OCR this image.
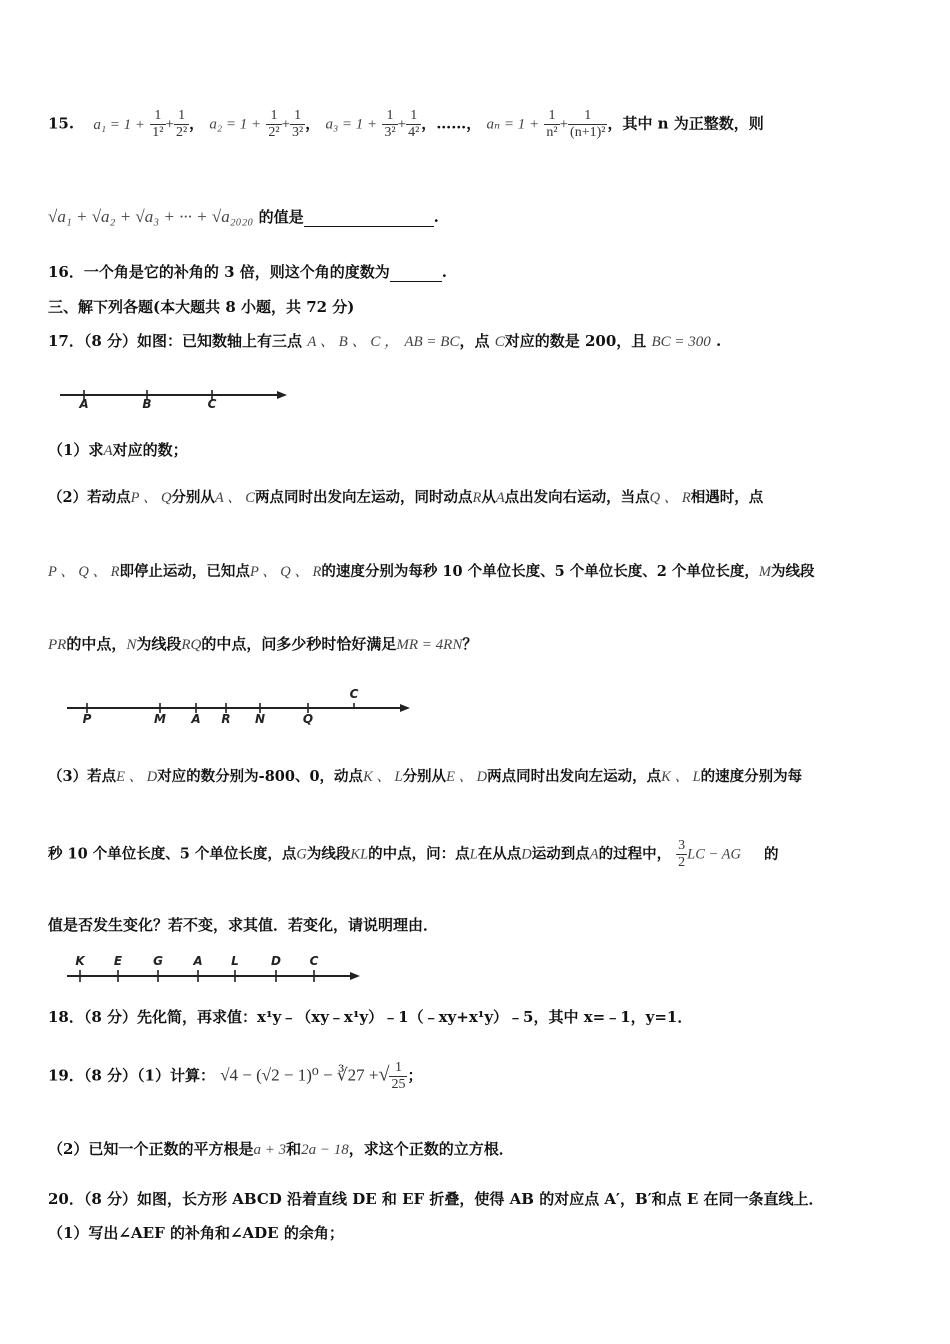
15. $a_1 = 1 + \frac{1}{\text{1²}} + \frac{1}{\text{2²}}$ ， $a_2 = 1 + \frac{1}{\text{2²}} + \frac{1}{\text{3²}}$ ， $a_3 = 1 + \frac{1}{\text{3²}} + \frac{1}{\text{4²}}$ ，……， $a_n = 1 + \frac{1}{\text{n²}} + \frac{1}{\text{(n+1)²}}$ ，其中 n 为正整数，则
√a₁ + √a₂ + √a₃ + ··· + √a₂₀₂₀ 的值是	.
16．一个角是它的补角的 3 倍，则这个角的度数为	.
三、解下列各题(本大题共 8 小题，共 72 分)
17．（8 分）如图：已知数轴上有三点 A 、 B 、 C ， AB = BC，点 C对应的数是 200，且 BC = 300 .
A	B	C
（1）求A对应的数；
（2）若动点P 、 Q分别从A 、 C两点同时出发向左运动，同时动点R从A点出发向右运动，当点Q 、 R相遇时，点
P 、 Q 、 R即停止运动，已知点P 、 Q 、 R的速度分别为每秒 10 个单位长度、5 个单位长度、2 个单位长度，M为线段
PR的中点，N为线段RQ的中点，问多少秒时恰好满足MR = 4RN？
P	M A R N	Q
C
（3）若点E 、 D对应的数分别为-800、0，动点K 、 L分别从E 、 D两点同时出发向左运动，点K 、 L的速度分别为每
秒 10 个单位长度、5 个单位长度，点G为线段KL的中点，问：点L在从点D运动到点A的过程中， $\frac{3}{2}$ LC − AG 的
值是否发生变化？若不变，求其值．若变化，请说明理由．
K E	G	A L	D C
18．（8 分）先化简，再求值：x¹y﹣（xy﹣x¹y）﹣1（﹣xy+x¹y）﹣5，其中 x=﹣1，y=1．
19．（8 分）（1）计算： √4 − (√2 − 1)⁰ − ∛27 +√ $\frac{1}{25}$ ；
（2）已知一个正数的平方根是a + 3和2a − 18，求这个正数的立方根．
20．（8 分）如图，长方形 ABCD 沿着直线 DE 和 EF 折叠，使得 AB 的对应点 A′，B′和点 E 在同一条直线上．
（1）写出∠AEF 的补角和∠ADE 的余角；
